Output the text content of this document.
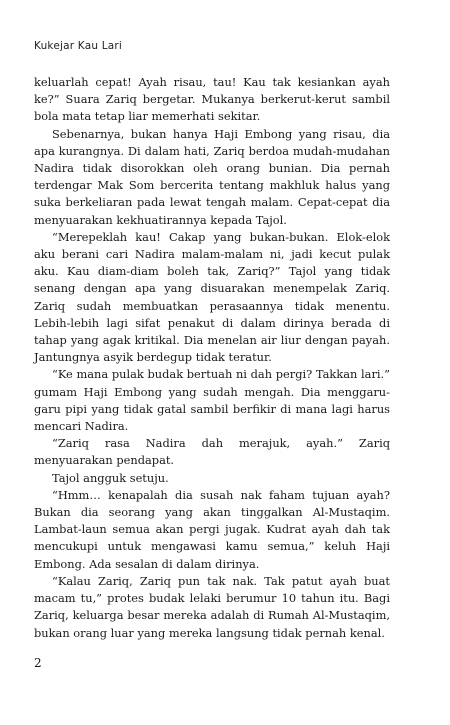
Kukejar Kau Lari

keluarlah cepat! Ayah risau, tau! Kau tak kesiankan ayah ke?” Suara Zariq bergetar. Mukanya berkerut-kerut sambil bola mata tetap liar memerhati sekitar.

Sebenarnya, bukan hanya Haji Embong yang risau, dia apa kurangnya. Di dalam hati, Zariq berdoa mudah-mudahan Nadira tidak disorokkan oleh orang bunian. Dia pernah terdengar Mak Som bercerita tentang makhluk halus yang suka berkeliaran pada lewat tengah malam. Cepat-cepat dia menyuarakan kekhuatirannya kepada Tajol.

“Merepeklah kau! Cakap yang bukan-bukan. Elok-elok aku berani cari Nadira malam-malam ni, jadi kecut pulak aku. Kau diam-diam boleh tak, Zariq?” Tajol yang tidak senang dengan apa yang disuarakan menempelak Zariq. Zariq sudah membuatkan perasaannya tidak menentu. Lebih-lebih lagi sifat penakut di dalam dirinya berada di tahap yang agak kritikal. Dia menelan air liur dengan payah. Jantungnya asyik berdegup tidak teratur.

“Ke mana pulak budak bertuah ni dah pergi? Takkan lari.” gumam Haji Embong yang sudah mengah. Dia menggaru-garu pipi yang tidak gatal sambil berfikir di mana lagi harus mencari Nadira.

“Zariq rasa Nadira dah merajuk, ayah.” Zariq menyuarakan pendapat.

Tajol angguk setuju.

“Hmm… kenapalah dia susah nak faham tujuan ayah? Bukan dia seorang yang akan tinggalkan Al-Mustaqim. Lambat-laun semua akan pergi jugak. Kudrat ayah dah tak mencukupi untuk mengawasi kamu semua,” keluh Haji Embong. Ada sesalan di dalam dirinya.

“Kalau Zariq, Zariq pun tak nak. Tak patut ayah buat macam tu,” protes budak lelaki berumur 10 tahun itu. Bagi Zariq, keluarga besar mereka adalah di Rumah Al-Mustaqim, bukan orang luar yang mereka langsung tidak pernah kenal.

2
